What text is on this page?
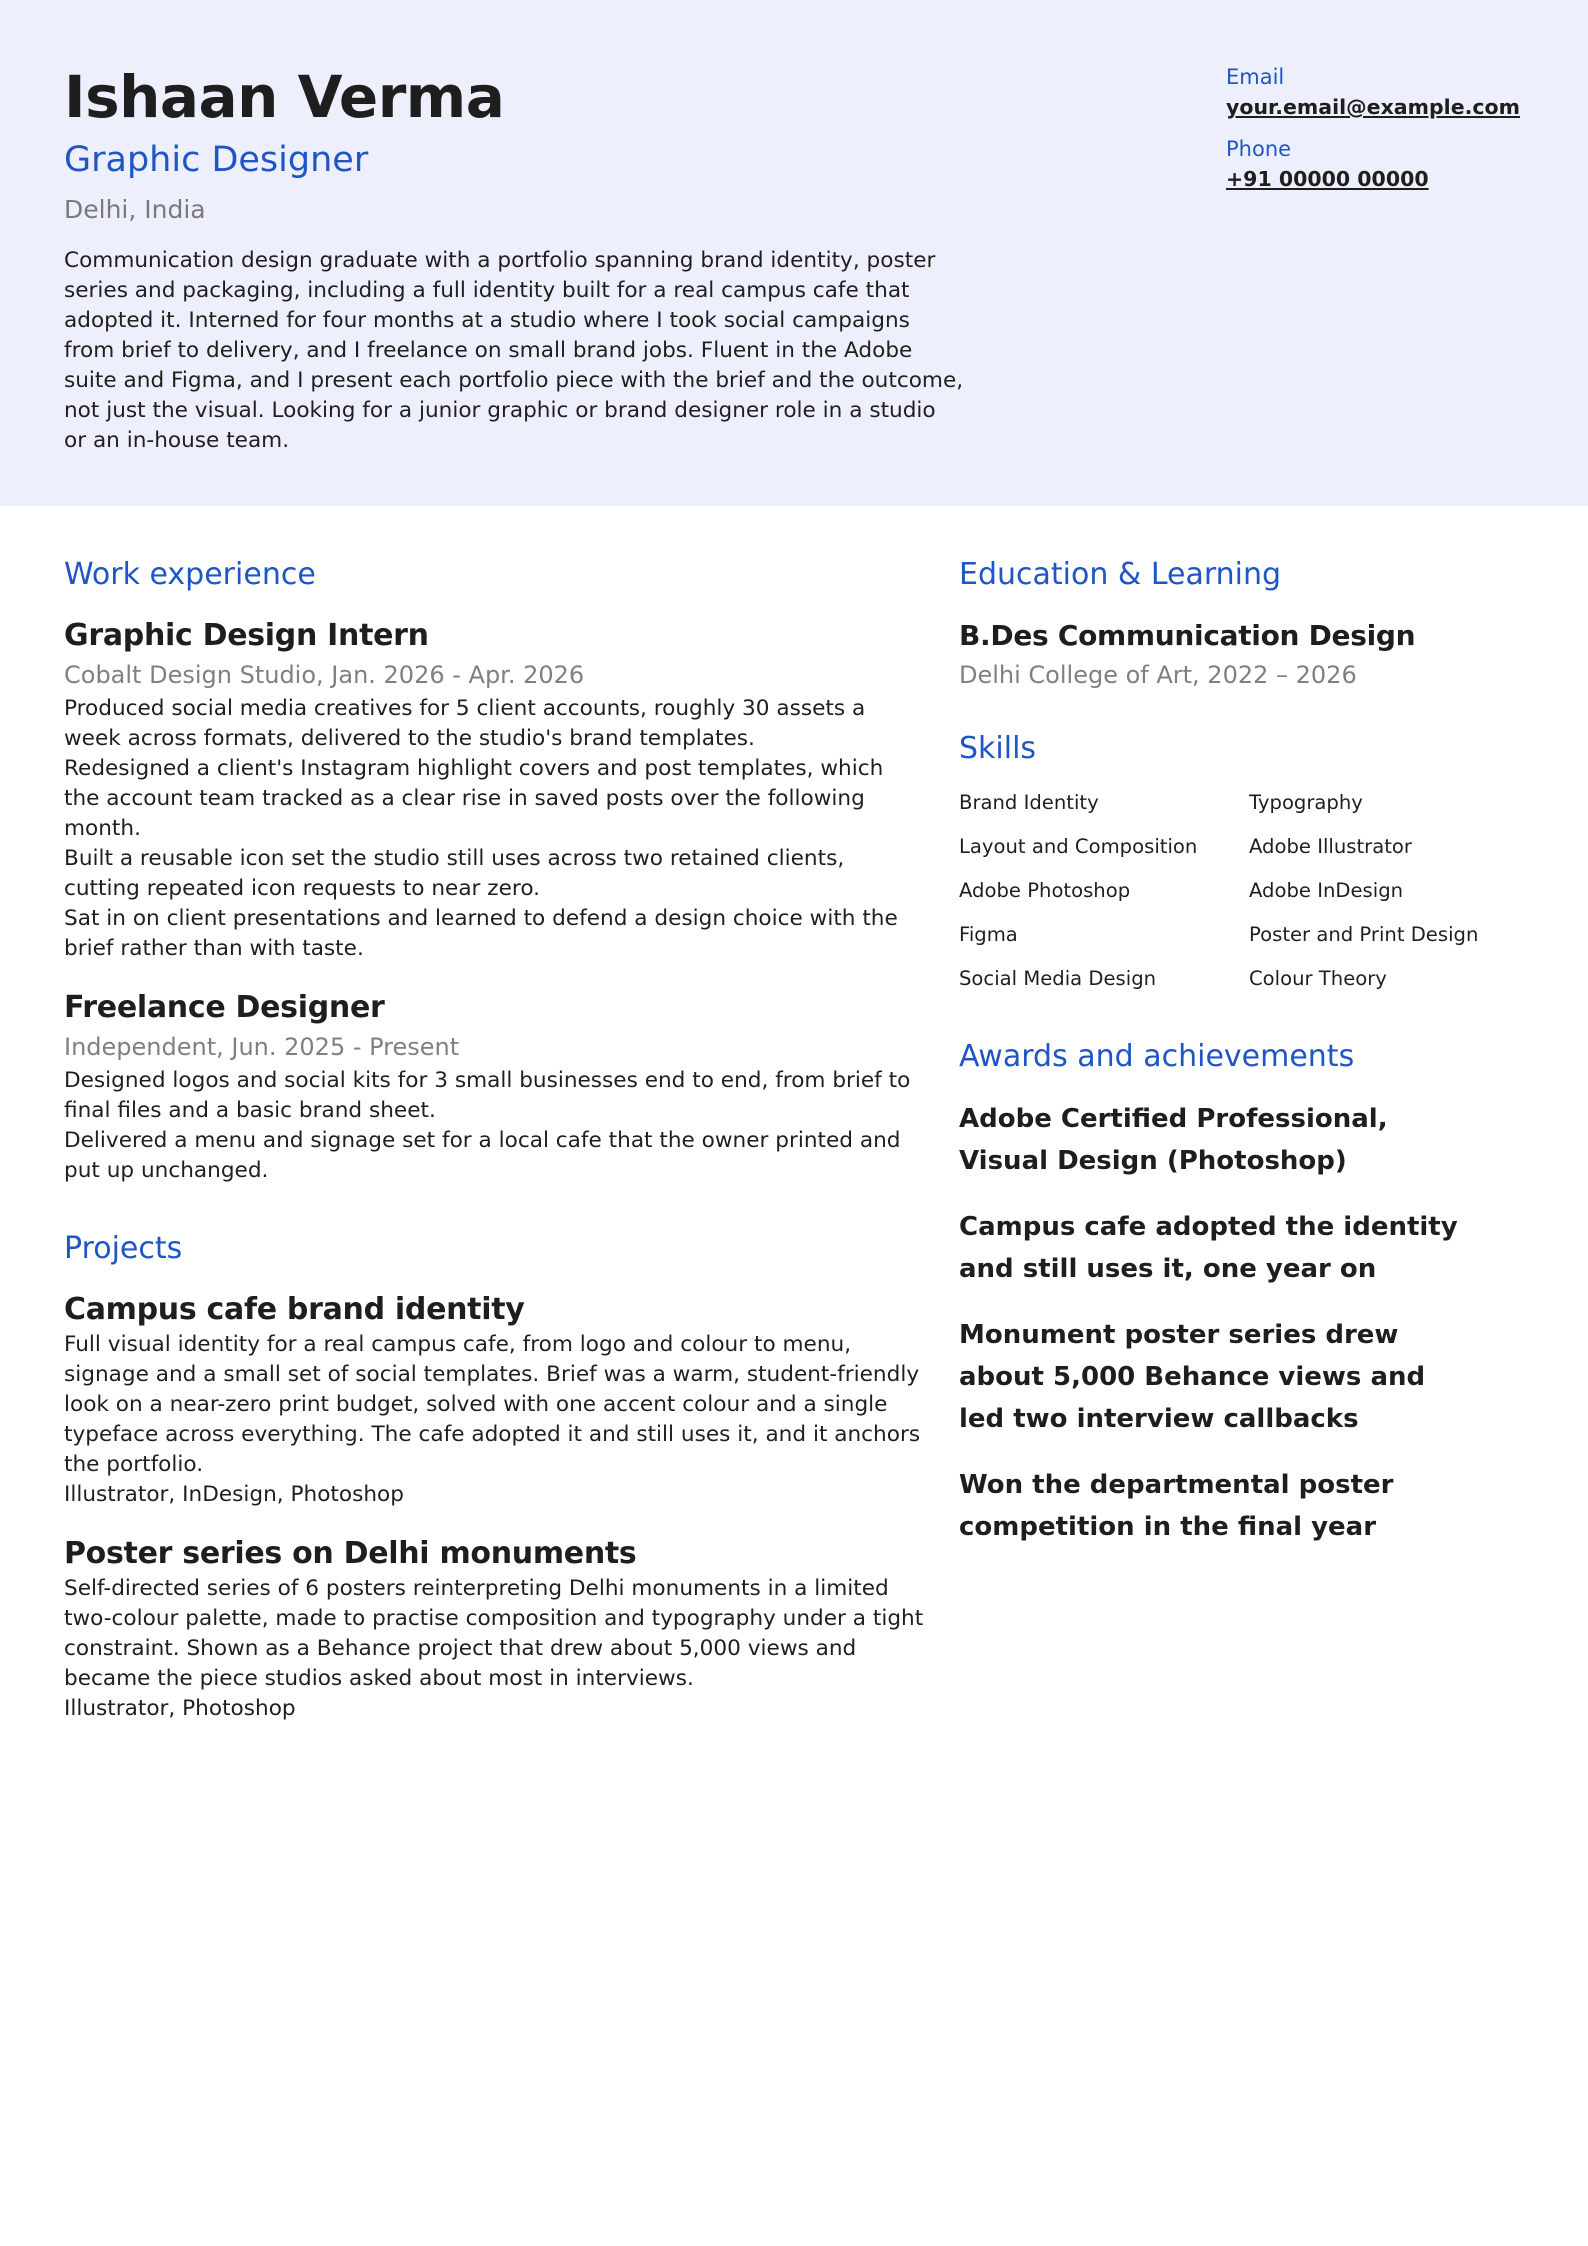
Ishaan Verma
Graphic Designer
Delhi, India
Communication design graduate with a portfolio spanning brand identity, poster series and packaging, including a full identity built for a real campus cafe that adopted it. Interned for four months at a studio where I took social campaigns from brief to delivery, and I freelance on small brand jobs. Fluent in the Adobe suite and Figma, and I present each portfolio piece with the brief and the outcome, not just the visual. Looking for a junior graphic or brand designer role in a studio or an in-house team.
Email
your.email@example.com
Phone
+91 00000 00000
Work experience
Graphic Design Intern
Cobalt Design Studio, Jan. 2026 - Apr. 2026

Produced social media creatives for 5 client accounts, roughly 30 assets a week across formats, delivered to the studio's brand templates.

Redesigned a client's Instagram highlight covers and post templates, which the account team tracked as a clear rise in saved posts over the following month.

Built a reusable icon set the studio still uses across two retained clients, cutting repeated icon requests to near zero.

Sat in on client presentations and learned to defend a design choice with the brief rather than with taste.

Freelance Designer
Independent, Jun. 2025 - Present

Designed logos and social kits for 3 small businesses end to end, from brief to final files and a basic brand sheet.

Delivered a menu and signage set for a local cafe that the owner printed and put up unchanged.

Projects
Campus cafe brand identity
Full visual identity for a real campus cafe, from logo and colour to menu, signage and a small set of social templates. Brief was a warm, student-friendly look on a near-zero print budget, solved with one accent colour and a single typeface across everything. The cafe adopted it and still uses it, and it anchors the portfolio.
Illustrator, InDesign, Photoshop
Poster series on Delhi monuments
Self-directed series of 6 posters reinterpreting Delhi monuments in a limited two-colour palette, made to practise composition and typography under a tight constraint. Shown as a Behance project that drew about 5,000 views and became the piece studios asked about most in interviews.
Illustrator, Photoshop
Education & Learning
B.Des Communication Design
Delhi College of Art, 2022 – 2026
Skills
Brand Identity	Typography
Layout and Composition	Adobe Illustrator
Adobe Photoshop	Adobe InDesign
Figma	Poster and Print Design
Social Media Design	Colour Theory
Awards and achievements
Adobe Certified Professional, Visual Design (Photoshop)
Campus cafe adopted the identity and still uses it, one year on
Monument poster series drew about 5,000 Behance views and led two interview callbacks
Won the departmental poster competition in the final year
